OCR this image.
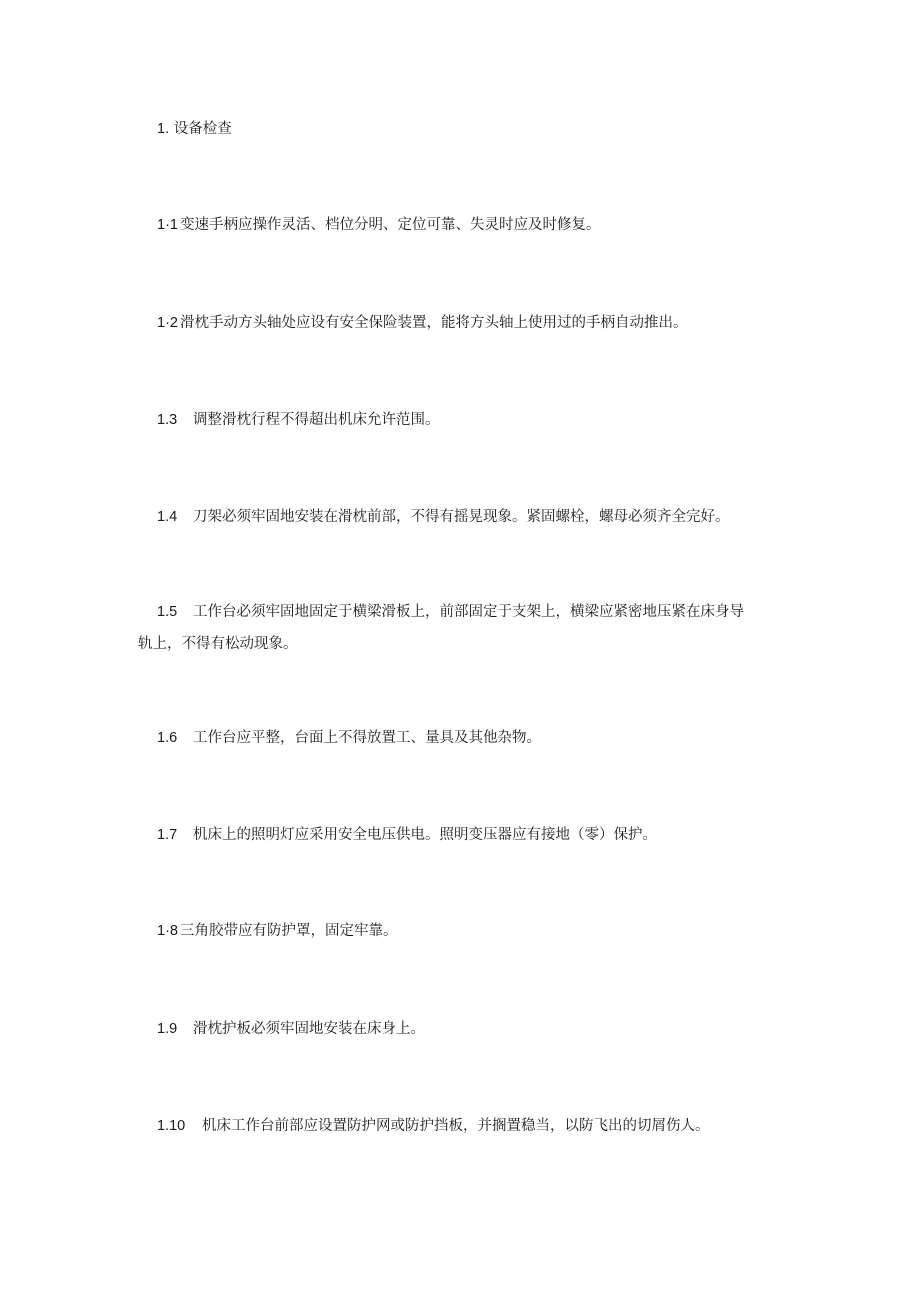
1. 设备检查
1·1 变速手柄应操作灵活、档位分明、定位可靠、失灵时应及时修复。
1·2 滑枕手动方头轴处应设有安全保险装置，能将方头轴上使用过的手柄自动推出。
1.3 调整滑枕行程不得超出机床允许范围。
1.4 刀架必须牢固地安装在滑枕前部，不得有摇晃现象。紧固螺栓，螺母必须齐全完好。
1.5 工作台必须牢固地固定于横梁滑板上，前部固定于支架上，横梁应紧密地压紧在床身导
轨上，不得有松动现象。
1.6 工作台应平整，台面上不得放置工、量具及其他杂物。
1.7 机床上的照明灯应采用安全电压供电。照明变压器应有接地（零）保护。
1·8 三角胶带应有防护罩，固定牢靠。
1.9 滑枕护板必须牢固地安装在床身上。
1.10 机床工作台前部应设置防护网或防护挡板，并搁置稳当，以防飞出的切屑伤人。
